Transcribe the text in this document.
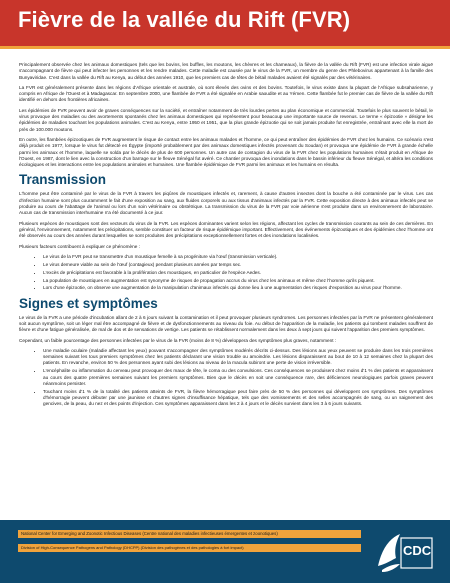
Fièvre de la vallée du Rift (FVR)

Principalement observée chez les animaux domestiques (tels que les bovins, les buffles, les moutons, les chèvres et les chameaux), la fièvre de la vallée du Rift (FVR) est une infection virale aiguë s'accompagnant de fièvre qui peut infecter les personnes et les rendre malades. Cette maladie est causée par le virus de la FVR, un membre du genre des Phlebovirus appartenant à la famille des Bunyaviridae. C'est dans la vallée du Rift au Kenya, au début des années 1910, que les premiers cas de têtes de bétail malades avaient été signalés par des vétérinaires.

La FVR est généralement présente dans les régions d'Afrique orientale et australe, où sont élevés des ovins et des bovins. Toutefois, le virus existe dans la plupart de l'Afrique subsaharienne, y compris en Afrique de l'Ouest et à Madagascar. En septembre 2000, une flambée de FVR a été signalée en Arabie saoudite et au Yémen. Cette flambée fut le premier cas de fièvre de la vallée du Rift identifié en dehors des frontières africaines.

Les épidémies de FVR peuvent avoir de graves conséquences sur la société, et entraîner notamment de très lourdes pertes au plan économique et commercial. Toutefois le plus souvent le bétail, le virus provoque des maladies ou des avortements spontanés chez les animaux domestiques qui représentent pour beaucoup une importante source de revenus. Le terme « épizootie » désigne les épidémies de maladies touchant les populations animales. C'est au Kenya, entre 1950 et 1951, que la plus grande épizootie qui se soit jamais produite fut enregistrée, entraînant avec elle la mort de près de 100.000 moutons.

En outre, les flambées épizootiques de FVR augmentent le risque de contact entre les animaux malades et l'homme, ce qui peut entraîner des épidémies de FVR chez les humains. Ce scénario s'est déjà produit en 1977, lorsque le virus fut détecté en Égypte (importé probablement par des animaux domestiques infectés provenant du Soudan) et provoqua une épidémie de FVR à grande échelle parmi les animaux et l'homme, laquelle se solda par le décès de plus de 600 personnes. Un autre cas de contagion du virus de la FVR chez les populations humaines s'était produit en Afrique de l'Ouest, en 1987, dont le lien avec la construction d'un barrage sur le fleuve Sénégal fut avéré. Ce chantier provoqua des inondations dans le bassin inférieur du fleuve Sénégal, et altéra les conditions écologiques et les interactions entre les populations animales et humaines. Une flambée épidémique de FVR parmi les animaux et les humains en résulta.

Transmission

L'homme peut être contaminé par le virus de la FVR à travers les piqûres de moustiques infectés et, rarement, à cause d'autres insectes dont la bouche a été contaminée par le virus. Les cas d'infection humaine sont plus couramment le fait d'une exposition au sang, aux fluides corporels ou aux tissus d'animaux infectés par la FVR. Cette exposition directe à des animaux infectés peut se produire au cours de l'abattage de l'animal ou lors d'un soin vétérinaire ou obstétrique. La transmission du virus de la FVR par voie aérienne s'est produite dans un environnement de laboratoire. Aucun cas de transmission interhumaine n'a été documenté à ce jour.

Plusieurs espèces de moustiques sont des vecteurs du virus de la FVR. Les espèces dominantes varient selon les régions, affectant les cycles de transmission courants au sein de ces dernières. En général, l'environnement, notamment les précipitations, semble constituer un facteur de risque épidémique important. Effectivement, des événements épizootiques et des épidémies chez l'homme ont été observés au cours des années durant lesquelles se sont produites des précipitations exceptionnellement fortes et des inondations localisées.

Plusieurs facteurs contribuent à expliquer ce phénomène :

• Le virus de la FVR peut se transmettre d'un moustique femelle à sa progéniture via l'œuf (transmission verticale).
• Le virus demeure viable au sein de l'œuf (contagieux) pendant plusieurs années par temps sec.
• L'excès de précipitations est favorable à la prolifération des moustiques, en particulier de l'espèce Aedes.
• La population de moustiques en augmentation est synonyme de risques de propagation accrus du virus chez les animaux et même chez l'homme qu'ils piquent.
• Lors d'une épizootie, on observe une augmentation de la manipulation d'animaux infectés qui donne lieu à une augmentation des risques d'exposition au virus pour l'homme.
Signes et symptômes

Le virus de la FVR a une période d'incubation allant de 2 à 6 jours suivant la contamination et il peut provoquer plusieurs syndromes. Les personnes infectées par la FVR ne présentent généralement soit aucun symptôme, soit un léger mal être accompagné de fièvre et de dysfonctionnements au niveau du foie. Au début de l'apparition de la maladie, les patients qui tombent malades souffrent de fièvre et d'une fatigue généralisée, de mal de dos et de sensations de vertige. Les patients se rétablissent normalement dans les deux à sept jours qui suivent l'apparition des premiers symptômes.

Cependant, un faible pourcentage des personnes infectées par le virus de la FVR (moins de 8 %) développera des symptômes plus graves, notamment :

• Une maladie oculaire (maladie affectant les yeux) pouvant s'accompagner des symptômes modérés décrits ci-dessus. Des lésions aux yeux peuvent se produire dans les trois premières semaines suivant les tous premiers symptômes chez les patients déclarant une vision trouble ou amoindrie. Les lésions disparaissent au bout de 10 à 12 semaines chez la plupart des patients. En revanche, environ 50 % des personnes ayant subi des lésions au niveau de la macula subiront une perte de vision irréversible.
• L'encéphalite ou inflammation du cerveau peut provoquer des maux de tête, le coma ou des convulsions. Ces conséquences se produisent chez moins d'1 % des patients et apparaissent au cours des quatre premières semaines suivant les premiers symptômes. Bien que le décès en soit une conséquence rare, des déficiences neurologiques parfois graves peuvent néanmoins persister.
• Touchant moins d'1 % de la totalité des patients atteints de FVR, la fièvre hémorragique peut faire près de 50 % des personnes qui développent ces symptômes. Des symptômes d'hémorragie peuvent débuter par une jaunisse et d'autres signes d'insuffisance hépatique, tels que des vomissements et des selles accompagnés de sang, ou un saignement des gencives, de la peau, du nez et des points d'injection. Ces symptômes apparaissent dans les 2 à 4 jours et le décès survient dans les 3 à 6 jours suivants.
National Center for Emerging and Zoonotic Infectious Diseases (Centre national des maladies infectieuses émergentes et zoonotiques)
Division of High-Consequence Pathogens and Pathology (DHCPP) (Division des pathogènes et des pathologies à fort impact)	CDC
